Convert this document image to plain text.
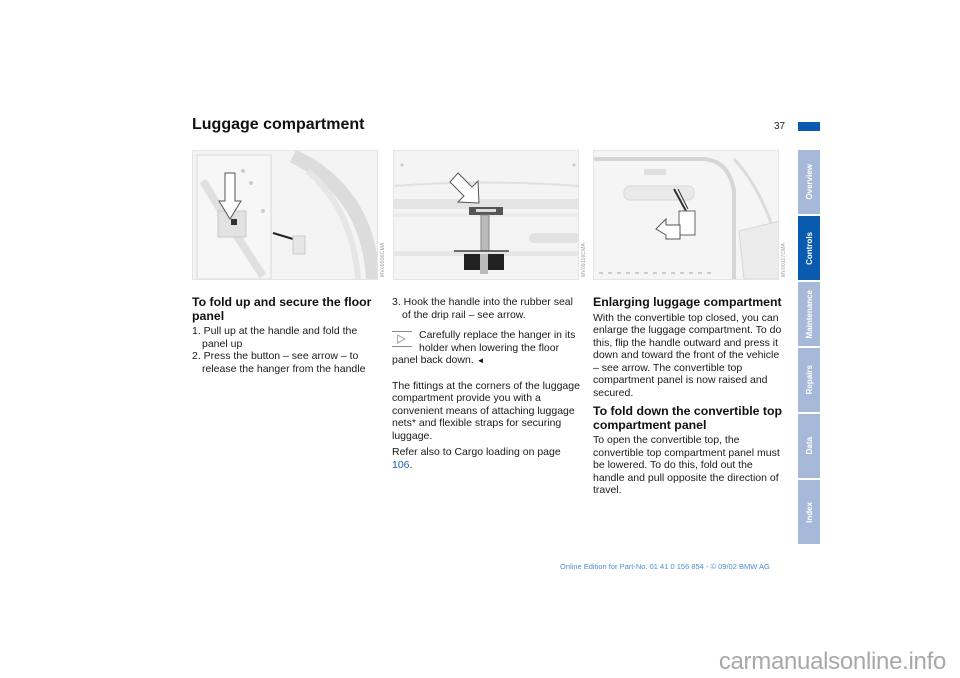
Luggage compartment	37
MV09996CMA	MV09116CMA	MV00117CMA
To fold up and secure the floor panel
1. Pull up at the handle and fold the panel up
2. Press the button – see arrow – to release the hanger from the handle
3. Hook the handle into the rubber seal of the drip rail – see arrow.
Carefully replace the hanger in its holder when lowering the floor panel back down. ◄

The fittings at the corners of the luggage compartment provide you with a convenient means of attaching luggage nets* and flexible straps for securing luggage.

Refer also to Cargo loading on page 106.

Enlarging luggage compartment

With the convertible top closed, you can enlarge the luggage compartment. To do this, flip the handle outward and press it down and toward the front of the vehicle – see arrow. The convertible top compartment panel is now raised and secured.

To fold down the convertible top compartment panel

To open the convertible top, the convertible top compartment panel must be lowered. To do this, fold out the handle and pull opposite the direction of travel.

Overview
Controls
Maintenance
Repairs
Data
Index
Online Edition for Part-No. 01 41 0 156 854 - © 09/02 BMW AG
carmanualsonline.info
